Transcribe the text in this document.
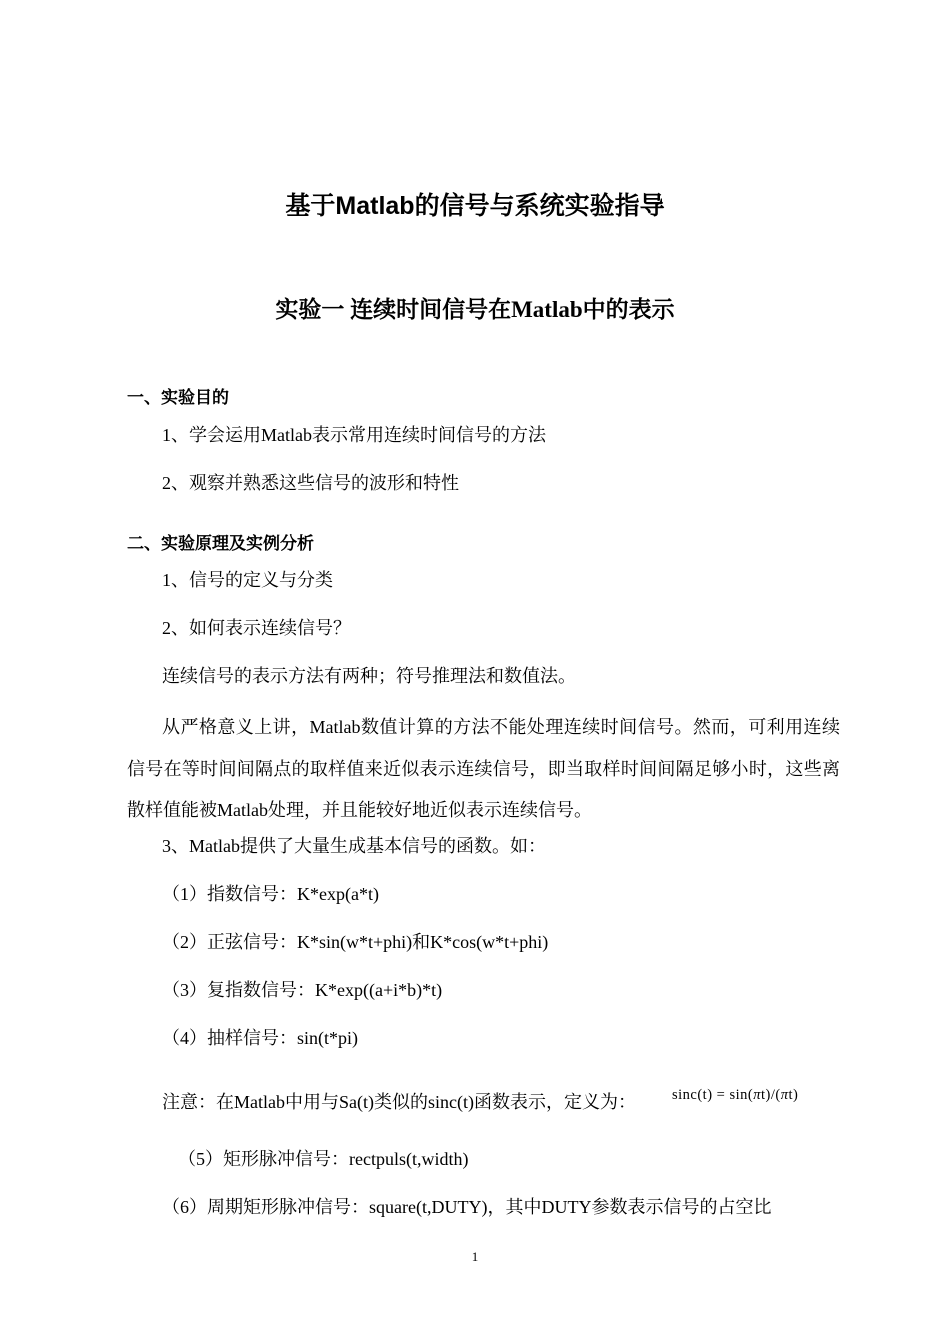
基于Matlab的信号与系统实验指导
实验一 连续时间信号在Matlab中的表示
一、实验目的
1、学会运用Matlab表示常用连续时间信号的方法
2、观察并熟悉这些信号的波形和特性
二、实验原理及实例分析
1、信号的定义与分类
2、如何表示连续信号？
连续信号的表示方法有两种；符号推理法和数值法。
从严格意义上讲，Matlab数值计算的方法不能处理连续时间信号。然而，可利用连续信号在等时间间隔点的取样值来近似表示连续信号，即当取样时间间隔足够小时，这些离散样值能被Matlab处理，并且能较好地近似表示连续信号。
3、Matlab提供了大量生成基本信号的函数。如：
（1）指数信号：K*exp(a*t)
（2）正弦信号：K*sin(w*t+phi)和K*cos(w*t+phi)
（3）复指数信号：K*exp((a+i*b)*t)
（4）抽样信号：sin(t*pi)
注意：在Matlab中用与Sa(t)类似的sinc(t)函数表示，定义为： sinc(t) = sin(πt)/(πt)
（5）矩形脉冲信号：rectpuls(t,width)
（6）周期矩形脉冲信号：square(t,DUTY)，其中DUTY参数表示信号的占空比
1
